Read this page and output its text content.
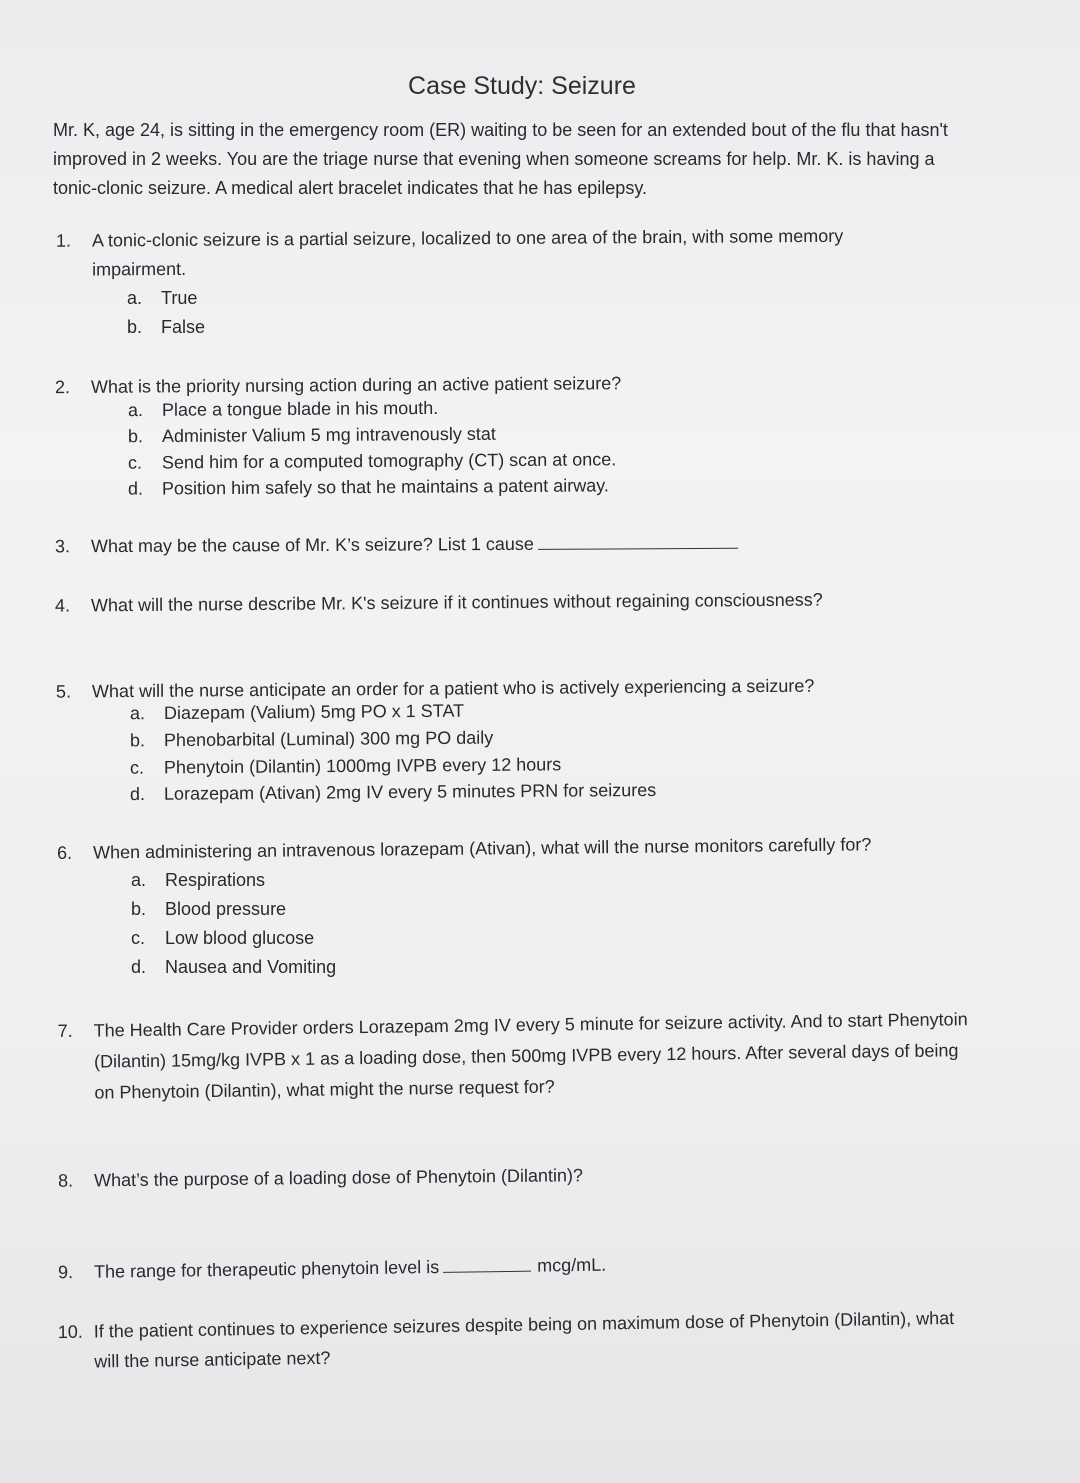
Case Study: Seizure
Mr. K, age 24, is sitting in the emergency room (ER) waiting to be seen for an extended bout of the flu that hasn't improved in 2 weeks. You are the triage nurse that evening when someone screams for help. Mr. K. is having a tonic-clonic seizure. A medical alert bracelet indicates that he has epilepsy.
1.	A tonic-clonic seizure is a partial seizure, localized to one area of the brain, with some memory impairment.
a. True
b. False
2.	What is the priority nursing action during an active patient seizure?
a. Place a tongue blade in his mouth.
b. Administer Valium 5 mg intravenously stat
c. Send him for a computed tomography (CT) scan at once.
d. Position him safely so that he maintains a patent airway.
3.	What may be the cause of Mr. K’s seizure? List 1 cause
4.	What will the nurse describe Mr. K's seizure if it continues without regaining consciousness?
5.	What will the nurse anticipate an order for a patient who is actively experiencing a seizure?
a. Diazepam (Valium) 5mg PO x 1 STAT
b. Phenobarbital (Luminal) 300 mg PO daily
c. Phenytoin (Dilantin) 1000mg IVPB every 12 hours
d. Lorazepam (Ativan) 2mg IV every 5 minutes PRN for seizures
6.	When administering an intravenous lorazepam (Ativan), what will the nurse monitors carefully for?
a. Respirations
b. Blood pressure
c. Low blood glucose
d. Nausea and Vomiting
7.	The Health Care Provider orders Lorazepam 2mg IV every 5 minute for seizure activity. And to start Phenytoin (Dilantin) 15mg/kg IVPB x 1 as a loading dose, then 500mg IVPB every 12 hours. After several days of being on Phenytoin (Dilantin), what might the nurse request for?
8.	What’s the purpose of a loading dose of Phenytoin (Dilantin)?
9.	The range for therapeutic phenytoin level is	mcg/mL.
10. If the patient continues to experience seizures despite being on maximum dose of Phenytoin (Dilantin), what will the nurse anticipate next?
